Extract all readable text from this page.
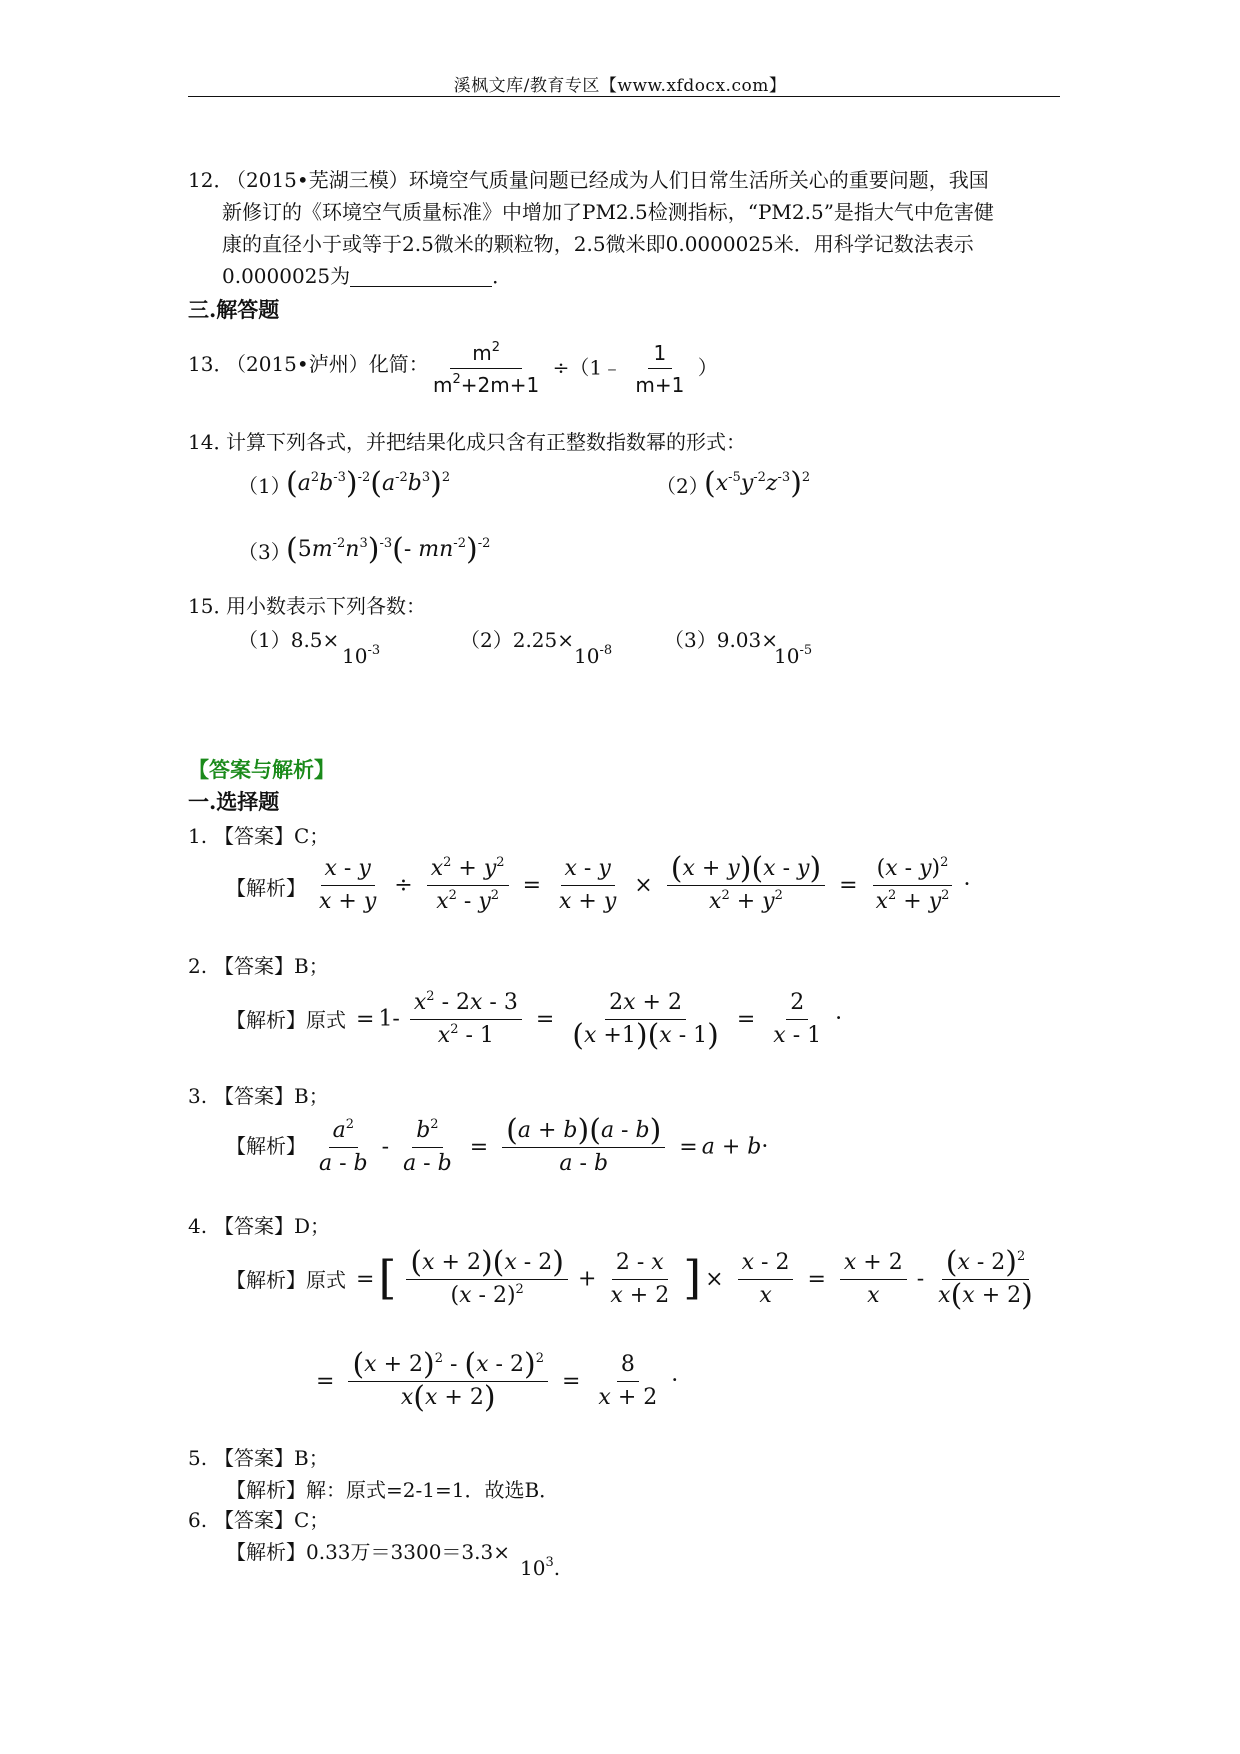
溪枫文库/教育专区【www.xfdocx.com】
12．
（2015•芜湖三模）环境空气质量问题已经成为人们日常生活所关心的重要问题，我国
新修订的《环境空气质量标准》中增加了PM2.5检测指标，“PM2.5”是指大气中危害健
康的直径小于或等于2.5微米的颗粒物，2.5微米即0.0000025米．用科学记数法表示
0.0000025为	．
三.解答题
13．
（2015•泸州）化简： $\frac{m^2}{m^2+2m+1}$ ÷（1﹣ $\frac{1}{m+1}$ ）
14．
计算下列各式，并把结果化成只含有正整数指数幂的形式：
（1）
$(a^2b^{-3})^{-2}(a^{-2}b^3)^2$	（2）
$(x^{-5}y^{-2}z^{-3})^2$
（3）
$(5m^{-2}n^3)^{-3}(-$ $mn^{-2})^{-2}$
15．
用小数表示下列各数：
（1）8.5×
$10^{-3}$	（2）2.25×
$10^{-8}$	（3）9.03×
$10^{-5}$
【答案与解析】
一.选择题
1. 【答案】C；
【解析】 $\frac{x - y}{x + y} \div \frac{x^2 + y^2}{x^2 - y^2} = \frac{x - y}{x + y} \times \frac{(x + y)(x - y)}{x^2 + y^2} = \frac{(x - y)^2}{x^2 + y^2}$ ·
2. 【答案】B；
【解析】原式 = $1- \frac{x^2 - 2x - 3}{x^2 - 1} = \frac{2x + 2}{(x +1)(x - 1)} = \frac{2}{x - 1}$ ·
3. 【答案】B；
【解析】 $\frac{a^2}{a - b} - \frac{b^2}{a - b} = \frac{(a + b)(a - b)}{a - b} = a + b\cdot$
4. 【答案】D；
【解析】原式 =[ $\frac{(x + 2)(x - 2)}{(x - 2)^2} + \frac{2 - x}{x + 2}$ ] × $\frac{x - 2}{x} = \frac{x + 2}{x} - \frac{(x - 2)^2}{x(x + 2)}$
= $\frac{(x + 2)^2 - (x - 2)^2}{x(x + 2)} = \frac{8}{x + 2}$ ·
5. 【答案】B；
【解析】解：原式=2-1=1．故选B．
6. 【答案】C；
【解析】0.33万＝3300＝3.3×
$10^3$.
